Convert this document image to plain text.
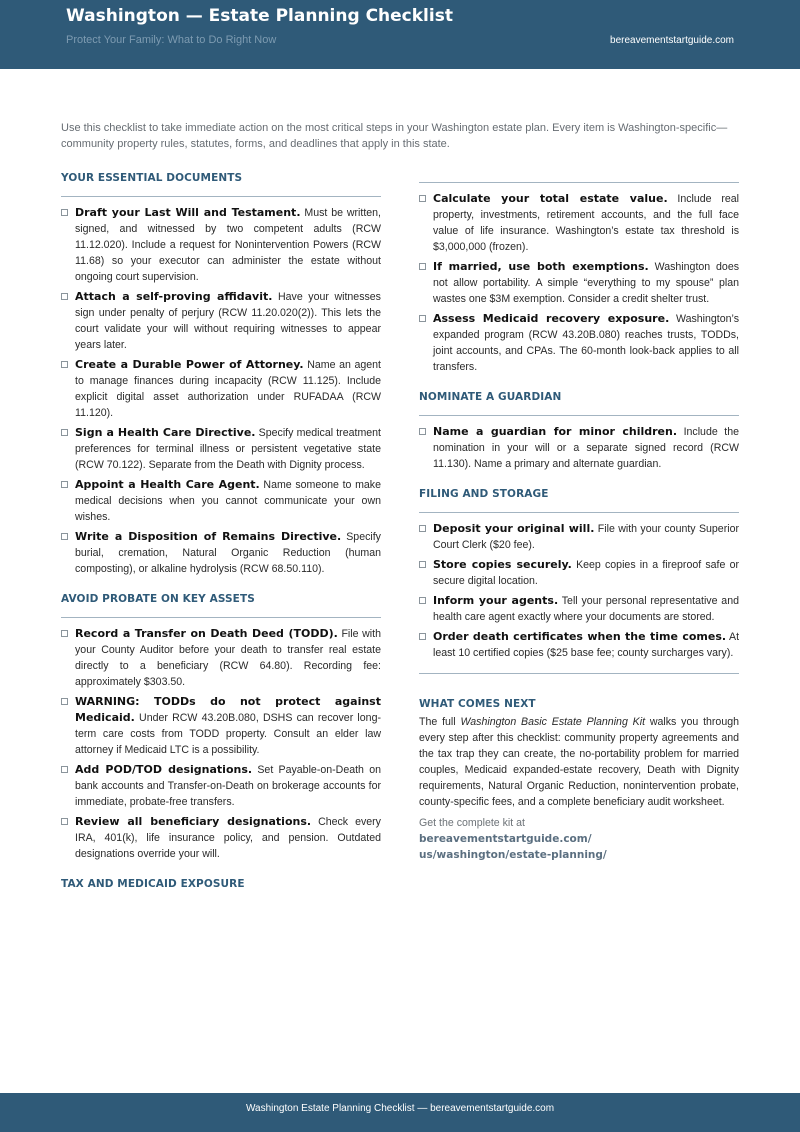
Washington — Estate Planning Checklist
Protect Your Family: What to Do Right Now	bereavementstartguide.com
Use this checklist to take immediate action on the most critical steps in your Washington estate plan. Every item is Washington-specific—community property rules, statutes, forms, and deadlines that apply in this state.
YOUR ESSENTIAL DOCUMENTS
Draft your Last Will and Testament. Must be written, signed, and witnessed by two competent adults (RCW 11.12.020). Include a request for Nonintervention Powers (RCW 11.68) so your executor can administer the estate without ongoing court supervision.
Attach a self-proving affidavit. Have your witnesses sign under penalty of perjury (RCW 11.20.020(2)). This lets the court validate your will without requiring witnesses to appear years later.
Create a Durable Power of Attorney. Name an agent to manage finances during incapacity (RCW 11.125). Include explicit digital asset authorization under RUFADAA (RCW 11.120).
Sign a Health Care Directive. Specify medical treatment preferences for terminal illness or persistent vegetative state (RCW 70.122). Separate from the Death with Dignity process.
Appoint a Health Care Agent. Name someone to make medical decisions when you cannot communicate your own wishes.
Write a Disposition of Remains Directive. Specify burial, cremation, Natural Organic Reduction (human composting), or alkaline hydrolysis (RCW 68.50.110).
AVOID PROBATE ON KEY ASSETS
Record a Transfer on Death Deed (TODD). File with your County Auditor before your death to transfer real estate directly to a beneficiary (RCW 64.80). Recording fee: approximately $303.50.
WARNING: TODDs do not protect against Medicaid. Under RCW 43.20B.080, DSHS can recover long-term care costs from TODD property. Consult an elder law attorney if Medicaid LTC is a possibility.
Add POD/TOD designations. Set Payable-on-Death on bank accounts and Transfer-on-Death on brokerage accounts for immediate, probate-free transfers.
Review all beneficiary designations. Check every IRA, 401(k), life insurance policy, and pension. Outdated designations override your will.
TAX AND MEDICAID EXPOSURE
Calculate your total estate value. Include real property, investments, retirement accounts, and the full face value of life insurance. Washington’s estate tax threshold is $3,000,000 (frozen).
If married, use both exemptions. Washington does not allow portability. A simple “everything to my spouse” plan wastes one $3M exemption. Consider a credit shelter trust.
Assess Medicaid recovery exposure. Washington’s expanded program (RCW 43.20B.080) reaches trusts, TODDs, joint accounts, and CPAs. The 60-month look-back applies to all transfers.
NOMINATE A GUARDIAN
Name a guardian for minor children. Include the nomination in your will or a separate signed record (RCW 11.130). Name a primary and alternate guardian.
FILING AND STORAGE
Deposit your original will. File with your county Superior Court Clerk ($20 fee).
Store copies securely. Keep copies in a fireproof safe or secure digital location.
Inform your agents. Tell your personal representative and health care agent exactly where your documents are stored.
Order death certificates when the time comes. At least 10 certified copies ($25 base fee; county surcharges vary).
WHAT COMES NEXT
The full Washington Basic Estate Planning Kit walks you through every step after this checklist: community property agreements and the tax trap they can create, the no-portability problem for married couples, Medicaid expanded-estate recovery, Death with Dignity requirements, Natural Organic Reduction, nonintervention probate, county-specific fees, and a complete beneficiary audit worksheet.
Get the complete kit at
bereavementstartguide.com/
us/washington/estate-planning/
Washington Estate Planning Checklist — bereavementstartguide.com
